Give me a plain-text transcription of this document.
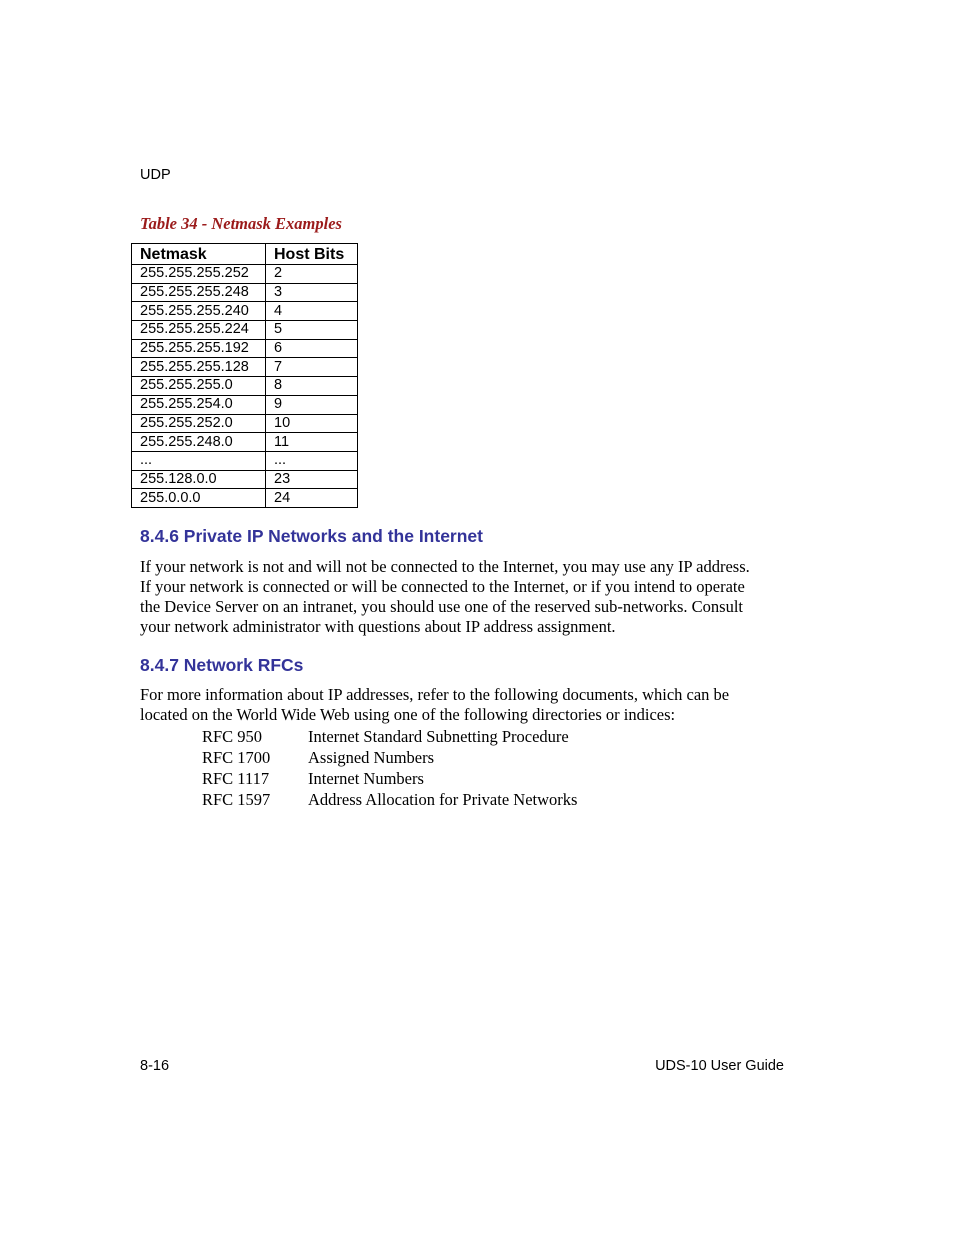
UDP
Table 34 - Netmask Examples
Netmask	Host Bits
255.255.255.252	2
255.255.255.248	3
255.255.255.240	4
255.255.255.224	5
255.255.255.192	6
255.255.255.128	7
255.255.255.0	8
255.255.254.0	9
255.255.252.0	10
255.255.248.0	11
...	...
255.128.0.0	23
255.0.0.0	24
8.4.6 Private IP Networks and the Internet
If your network is not and will not be connected to the Internet, you may use any IP address.
If your network is connected or will be connected to the Internet, or if you intend to operate
the Device Server on an intranet, you should use one of the reserved sub-networks. Consult
your network administrator with questions about IP address assignment.
8.4.7 Network RFCs
For more information about IP addresses, refer to the following documents, which can be
located on the World Wide Web using one of the following directories or indices:
RFC 950	Internet Standard Subnetting Procedure
RFC 1700	Assigned Numbers
RFC 1117	Internet Numbers
RFC 1597	Address Allocation for Private Networks
8-16	UDS-10 User Guide
